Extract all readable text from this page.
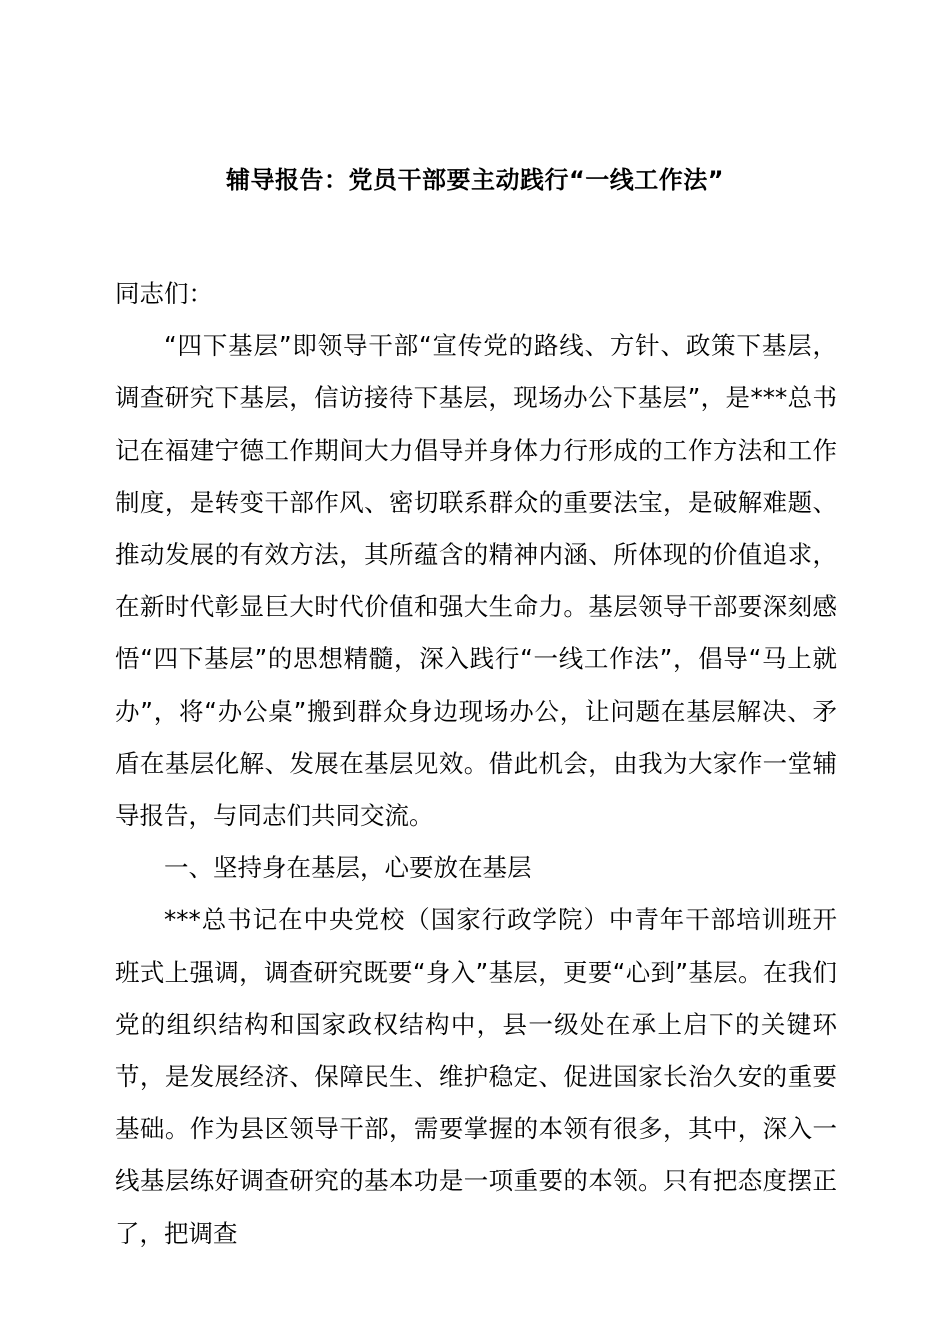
辅导报告：党员干部要主动践行“一线工作法”

同志们：

“四下基层”即领导干部“宣传党的路线、方针、政策下基层，调查研究下基层，信访接待下基层，现场办公下基层”，是***总书记在福建宁德工作期间大力倡导并身体力行形成的工作方法和工作制度，是转变干部作风、密切联系群众的重要法宝，是破解难题、推动发展的有效方法，其所蕴含的精神内涵、所体现的价值追求，在新时代彰显巨大时代价值和强大生命力。基层领导干部要深刻感悟“四下基层”的思想精髓，深入践行“一线工作法”，倡导“马上就办”，将“办公桌”搬到群众身边现场办公，让问题在基层解决、矛盾在基层化解、发展在基层见效。借此机会，由我为大家作一堂辅导报告，与同志们共同交流。

一、坚持身在基层，心要放在基层

***总书记在中央党校（国家行政学院）中青年干部培训班开班式上强调，调查研究既要“身入”基层，更要“心到”基层。在我们党的组织结构和国家政权结构中，县一级处在承上启下的关键环节，是发展经济、保障民生、维护稳定、促进国家长治久安的重要基础。作为县区领导干部，需要掌握的本领有很多，其中，深入一线基层练好调查研究的基本功是一项重要的本领。只有把态度摆正了，把调查
